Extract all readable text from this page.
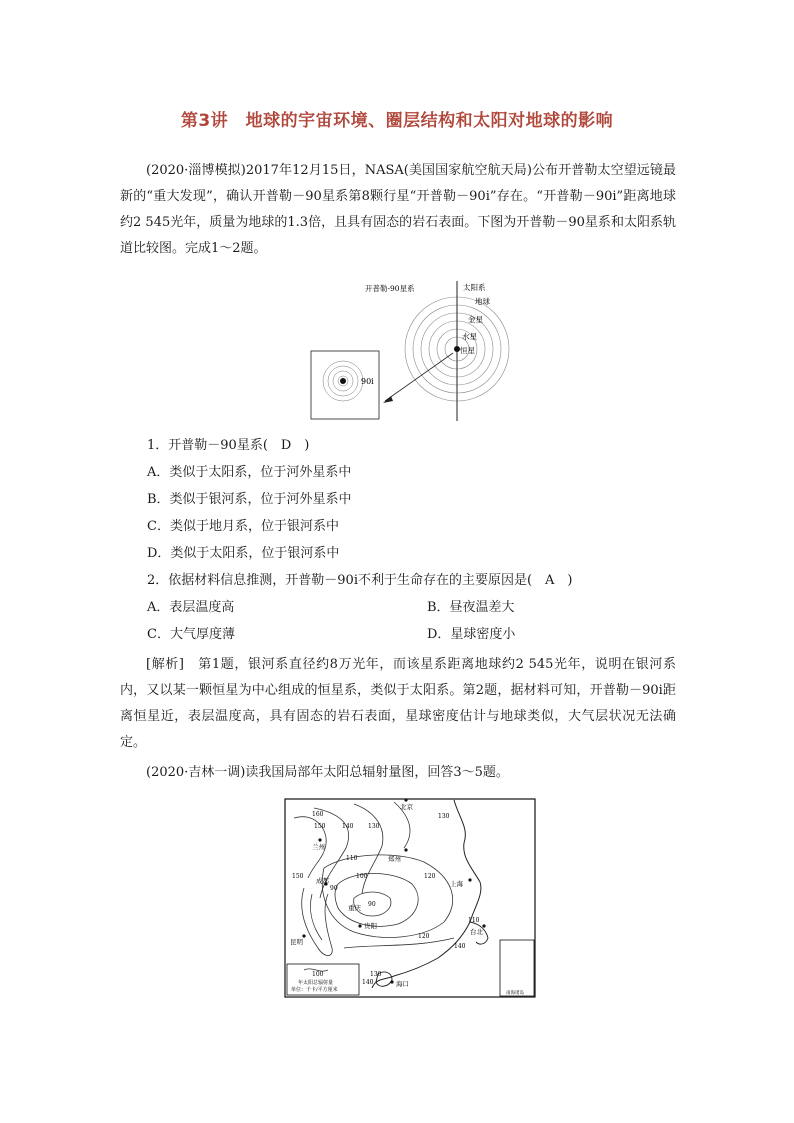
第3讲　地球的宇宙环境、圈层结构和太阳对地球的影响

(2020·淄博模拟)2017年12月15日，NASA(美国国家航空航天局)公布开普勒太空望远镜最新的“重大发现”，确认开普勒－90星系第8颗行星“开普勒－90i”存在。“开普勒－90i”距离地球约2 545光年，质量为地球的1.3倍，且具有固态的岩石表面。下图为开普勒－90星系和太阳系轨道比较图。完成1～2题。

90i
开普勒-90星系	太阳系
地球
金星
水星
恒星
1．开普勒－90星系(　D　)
A．类似于太阳系，位于河外星系中
B．类似于银河系，位于河外星系中
C．类似于地月系，位于银河系中
D．类似于太阳系，位于银河系中
2．依据材料信息推测，开普勒－90i不利于生命存在的主要原因是(　A　)
A．表层温度高	B．昼夜温差大
C．大气厚度薄	D．星球密度小

[解析]　第1题，银河系直径约8万光年，而该星系距离地球约2 545光年，说明在银河系内，又以某一颗恒星为中心组成的恒星系，类似于太阳系。第2题，据材料可知，开普勒－90i距离恒星近，表层温度高，具有固态的岩石表面，星球密度估计与地球类似，大气层状况无法确定。

(2020·吉林一调)读我国局部年太阳总辐射量图，回答3～5题。

北京
兰州
郑州
成都
重庆
贵阳
昆明
上海
台北
海口
160
150	140 130
130
110
100
90
90
120
120
150
110
140
130
140
100
年太阳总辐射量
单位：千卡/平方厘米
南海诸岛
